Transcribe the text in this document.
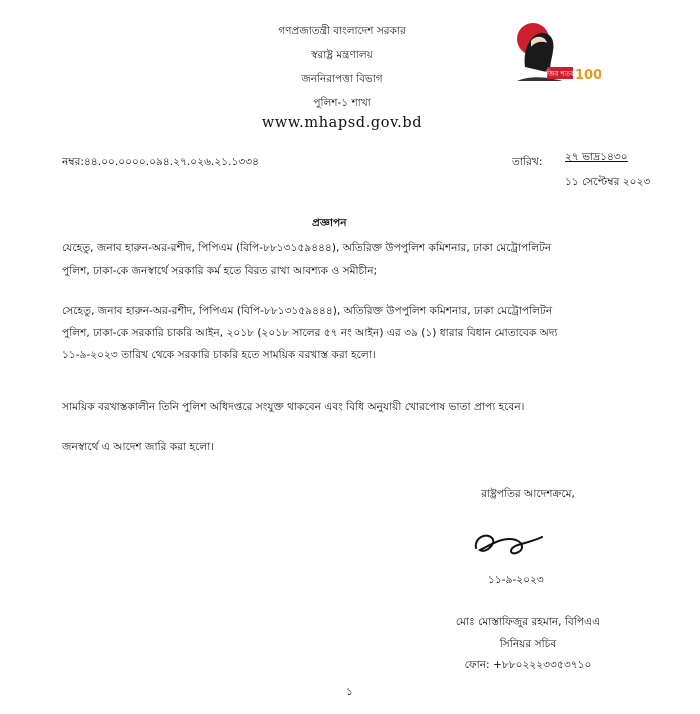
গণপ্রজাতন্ত্রী বাংলাদেশ সরকার
স্বরাষ্ট্র মন্ত্রণালয়
জননিরাপত্তা বিভাগ
পুলিশ-১ শাখা
www.mhapsd.gov.bd
মুজিব শতবর্ষ
100
নম্বর:৪৪.০০.০০০০.০৯৪.২৭.০২৬.২১.১৩৩৪	তারিখ: ২৭ ভাদ্র১৪৩০
১১ সেপ্টেম্বর ২০২৩
প্রজ্ঞাপন
যেহেতু, জনাব হারুন-অর-রশীদ, পিপিএম (বিপি-৮৮১৩১৫৯৪৪৪), অতিরিক্ত উপপুলিশ কমিশনার, ঢাকা মেট্রোপলিটন
পুলিশ, ঢাকা-কে জনস্বার্থে সরকারি কর্ম হতে বিরত রাখা আবশ্যক ও সমীচীন;
সেহেতু, জনাব হারুন-অর-রশীদ, পিপিএম (বিপি-৮৮১৩১৫৯৪৪৪), অতিরিক্ত উপপুলিশ কমিশনার, ঢাকা মেট্রোপলিটন
পুলিশ, ঢাকা-কে সরকারি চাকরি আইন, ২০১৮ (২০১৮ সালের ৫৭ নং আইন) এর ৩৯ (১) ধারার বিধান মোতাবেক অদ্য
১১-৯-২০২৩ তারিখ থেকে সরকারি চাকরি হতে সাময়িক বরখাস্ত করা হলো।
সাময়িক বরখাস্তকালীন তিনি পুলিশ অধিদপ্তরে সংযুক্ত থাকবেন এবং বিধি অনুযায়ী খোরপোষ ভাতা প্রাপ্য হবেন।
জনস্বার্থে এ আদেশ জারি করা হলো।
রাষ্ট্রপতির আদেশক্রমে,
১১-৯-২০২৩
মোঃ মোস্তাফিজুর রহমান, বিপিএএ
সিনিয়র সচিব
ফোন: +৮৮০২২২৩৩৫৩৭১০
১
